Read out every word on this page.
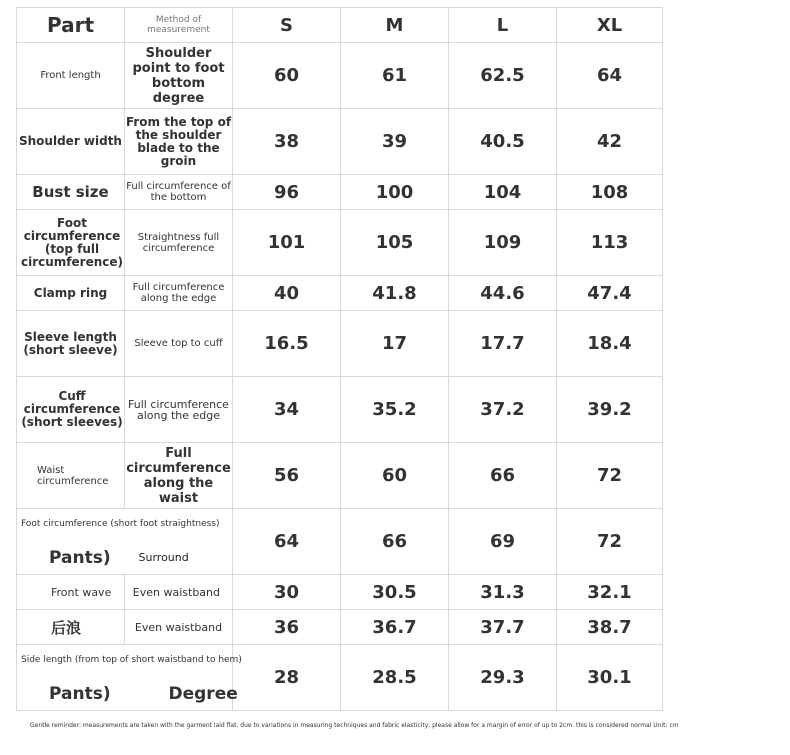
Part	Method of measurement	S	M	L	XL
Front length	Shoulder point to foot bottom degree	60	61	62.5	64
Shoulder width	From the top of the shoulder blade to the groin	38	39	40.5	42
Bust size	Full circumference of the bottom	96	100	104	108
Foot circumference (top full circumference)	Straightness full circumference	101	105	109	113
Clamp ring	Full circumference along the edge	40	41.8	44.6	47.4
Sleeve length (short sleeve)	Sleeve top to cuff	16.5	17	17.7	18.4
Cuff circumference (short sleeves)	Full circumference along the edge	34	35.2	37.2	39.2
Waist circumference	Full circumference along the waist	56	60	66	72

Foot circumference (short foot straightness)
Pants)	Surround	64	66	69	72
Front wave	Even waistband	30	30.5	31.3	32.1
后浪	Even waistband	36	36.7	37.7	38.7

Side length (from top of short waistband to hem)
Pants)	Degree	28	28.5	29.3	30.1
Gentle reminder: measurements are taken with the garment laid flat. due to variations in measuring techniques and fabric elasticity, please allow for a margin of error of up to 2cm. this is considered normal Unit: cm
